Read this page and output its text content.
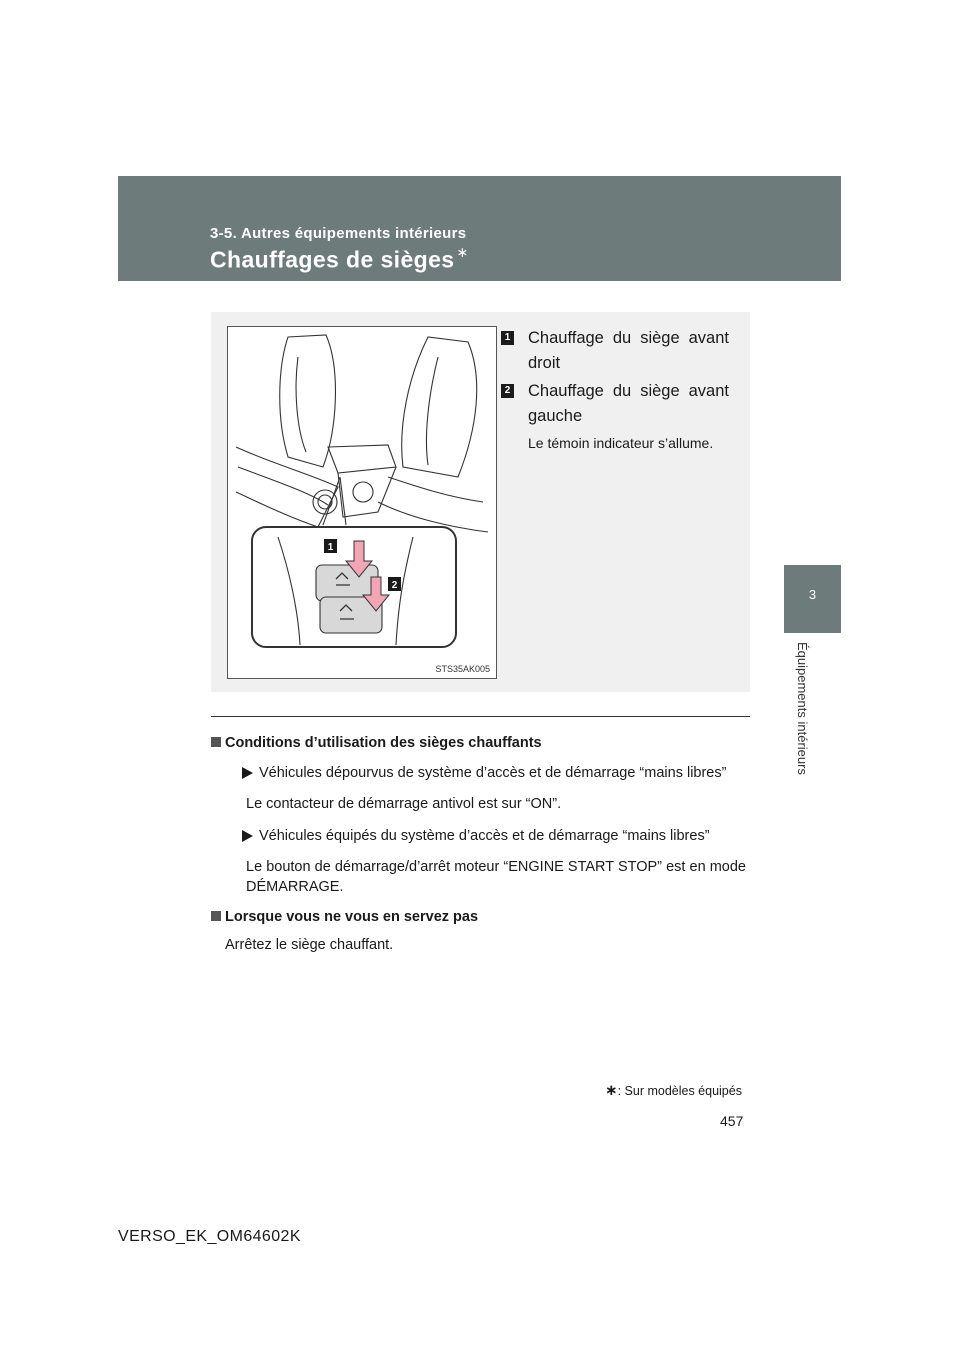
3-5. Autres équipements intérieurs
Chauffages de sièges ∗
3
Équipements intérieurs
1
2
STS35AK005
1 Chauffage du siège avant droit
2 Chauffage du siège avant gauche
Le témoin indicateur s’allume.
Conditions d’utilisation des sièges chauffants
Véhicules dépourvus de système d’accès et de démarrage “mains libres”
Le contacteur de démarrage antivol est sur “ON”.
Véhicules équipés du système d’accès et de démarrage “mains libres”
Le bouton de démarrage/d’arrêt moteur “ENGINE START STOP” est en mode DÉMARRAGE.
Lorsque vous ne vous en servez pas
Arrêtez le siège chauffant.
∗: Sur modèles équipés
457
VERSO_EK_OM64602K
